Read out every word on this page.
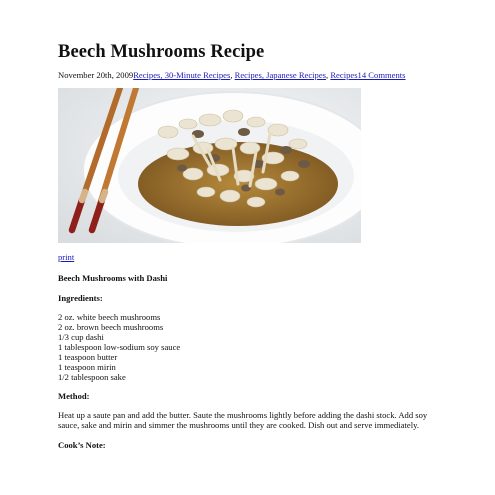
Beech Mushrooms Recipe
November 20th, 2009Recipes, 30-Minute Recipes, Recipes, Japanese Recipes, Recipes14 Comments
print
Beech Mushrooms with Dashi
Ingredients:
2 oz. white beech mushrooms
2 oz. brown beech mushrooms
1/3 cup dashi
1 tablespoon low-sodium soy sauce
1 teaspoon butter
1 teaspoon mirin
1/2 tablespoon sake
Method:
Heat up a saute pan and add the butter. Saute the mushrooms lightly before adding the dashi stock. Add soy sauce, sake and mirin and simmer the mushrooms until they are cooked. Dish out and serve immediately.
Cook’s Note:
